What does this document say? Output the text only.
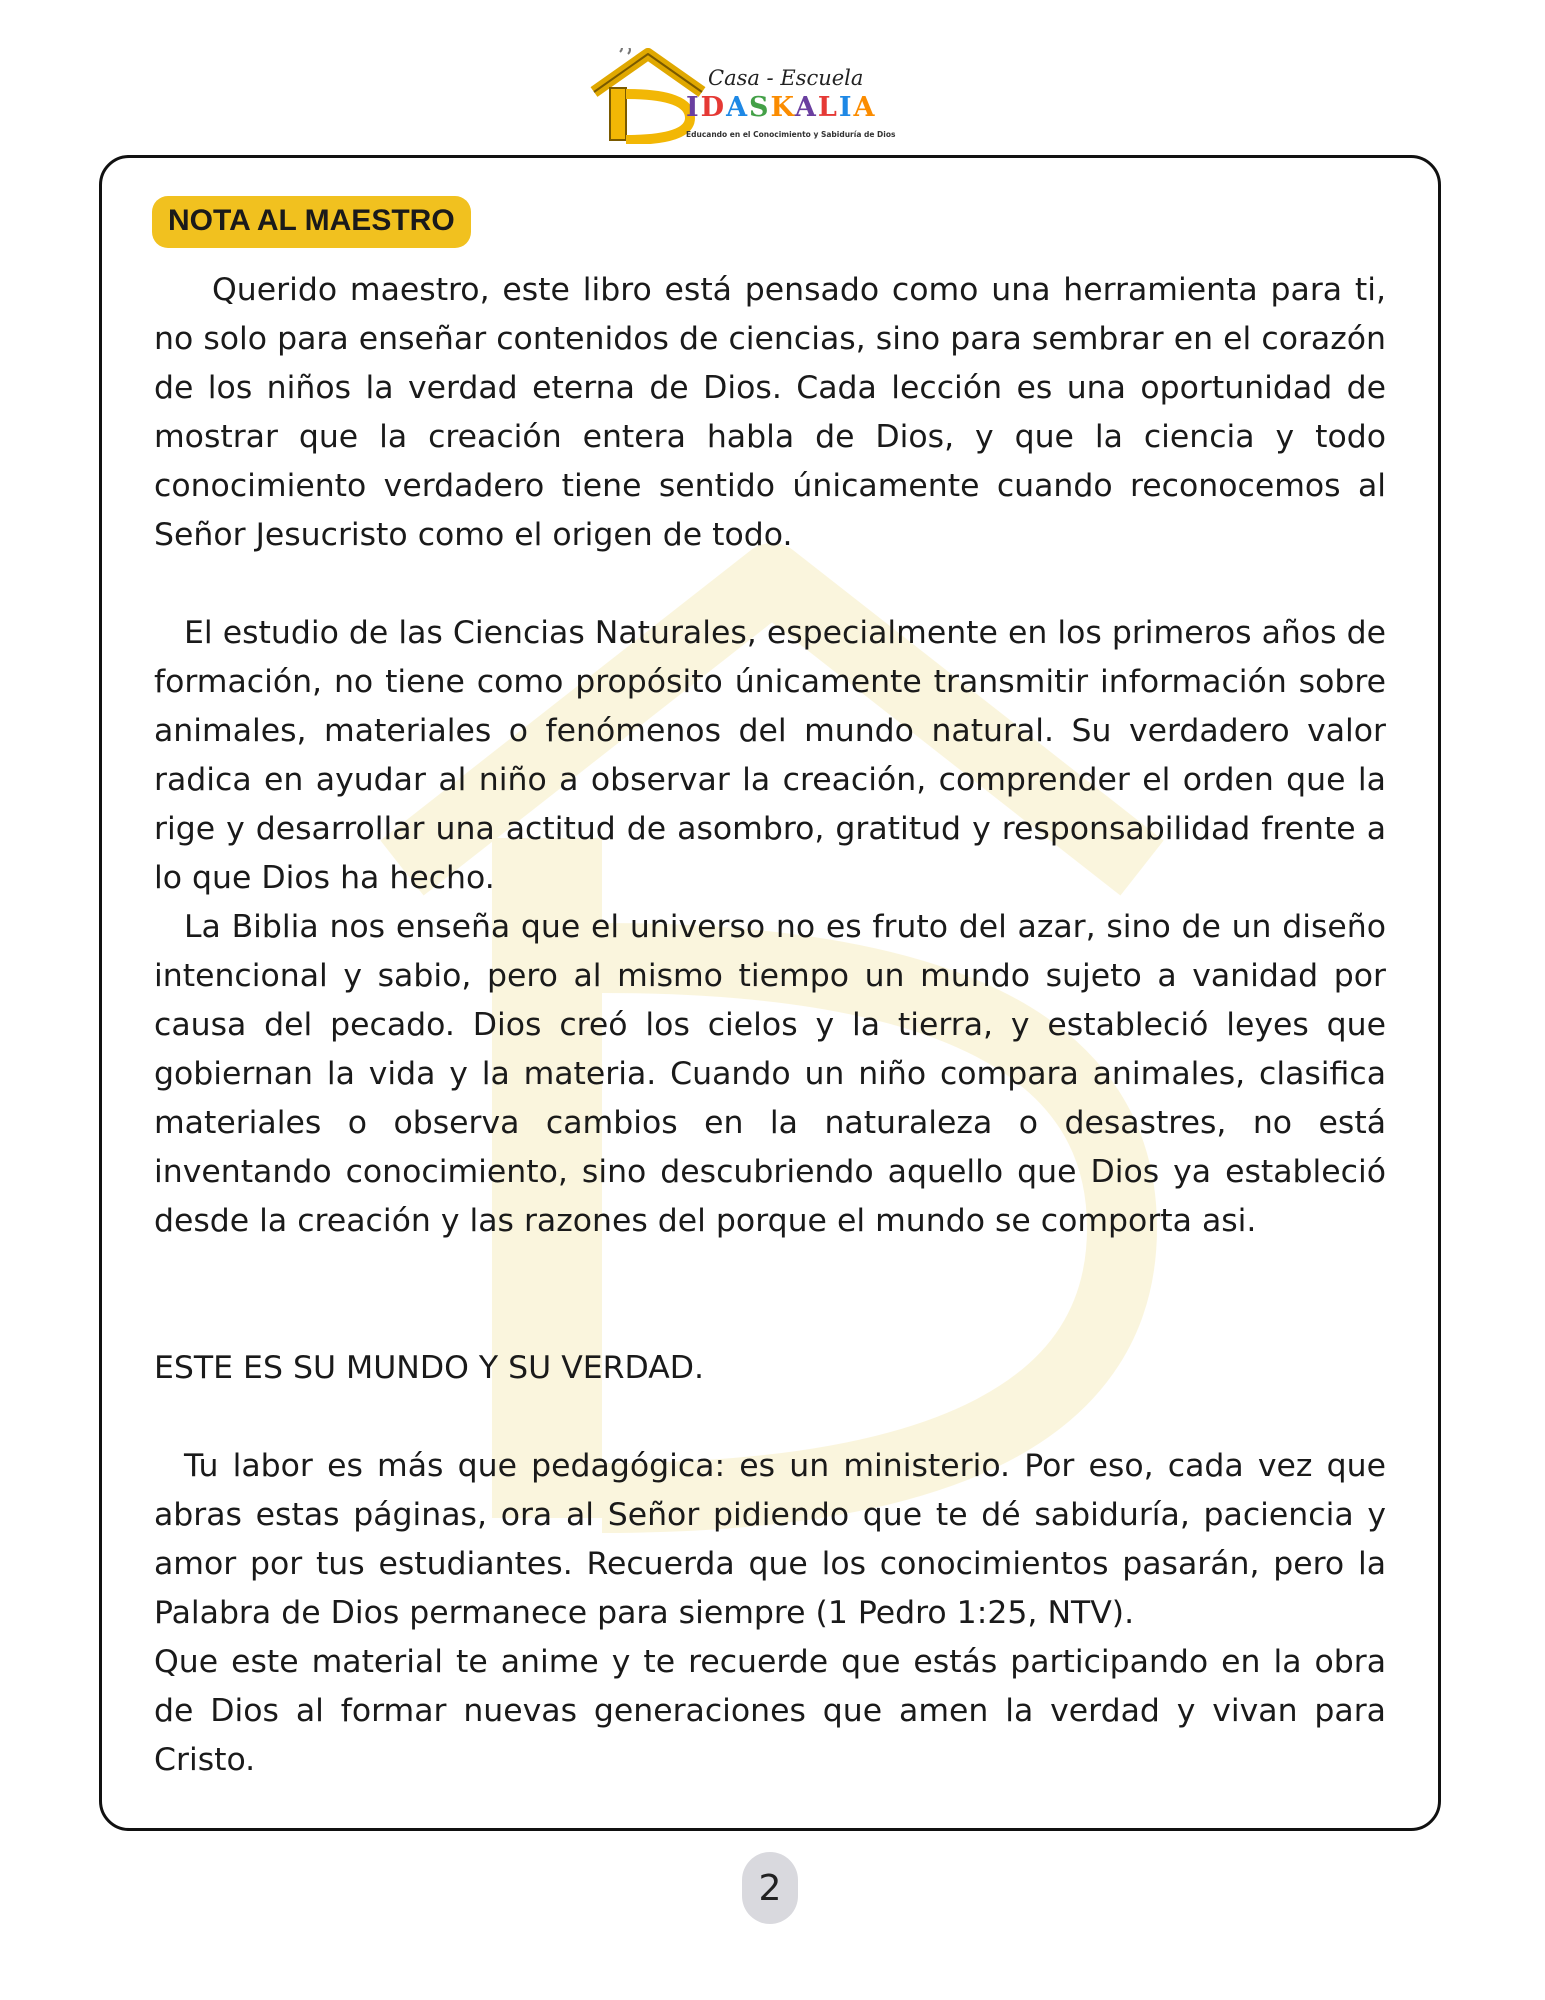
Casa - Escuela
IDASKALIA
Educando en el Conocimiento y Sabiduría de Dios
NOTA AL MAESTRO

Querido maestro, este libro está pensado como una herramienta para ti, no solo para enseñar contenidos de ciencias, sino para sembrar en el corazón de los niños la verdad eterna de Dios. Cada lección es una oportunidad de mostrar que la creación entera habla de Dios, y que la ciencia y todo conocimiento verdadero tiene sentido únicamente cuando reconocemos al Señor Jesucristo como el origen de todo.

El estudio de las Ciencias Naturales, especialmente en los primeros años de formación, no tiene como propósito únicamente transmitir información sobre animales, materiales o fenómenos del mundo natural. Su verdadero valor radica en ayudar al niño a observar la creación, comprender el orden que la rige y desarrollar una actitud de asombro, gratitud y responsabilidad frente a lo que Dios ha hecho.

La Biblia nos enseña que el universo no es fruto del azar, sino de un diseño intencional y sabio, pero al mismo tiempo un mundo sujeto a vanidad por causa del pecado. Dios creó los cielos y la tierra, y estableció leyes que gobiernan la vida y la materia. Cuando un niño compara animales, clasifica materiales o observa cambios en la naturaleza o desastres, no está inventando conocimiento, sino descubriendo aquello que Dios ya estableció desde la creación y las razones del porque el mundo se comporta asi.

ESTE ES SU MUNDO Y SU VERDAD.

Tu labor es más que pedagógica: es un ministerio. Por eso, cada vez que abras estas páginas, ora al Señor pidiendo que te dé sabiduría, paciencia y amor por tus estudiantes. Recuerda que los conocimientos pasarán, pero la Palabra de Dios permanece para siempre (1 Pedro 1:25, NTV).

Que este material te anime y te recuerde que estás participando en la obra de Dios al formar nuevas generaciones que amen la verdad y vivan para Cristo.

2
